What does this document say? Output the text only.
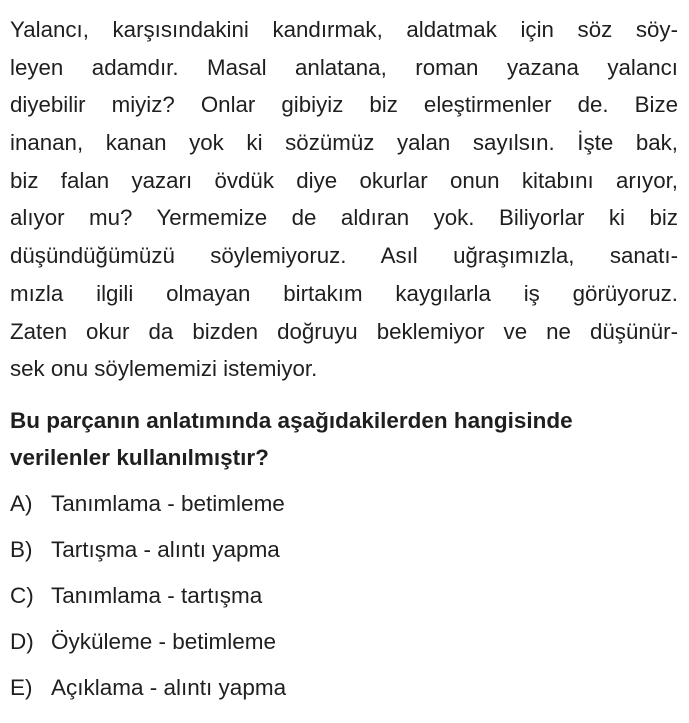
Yalancı, karşısındakini kandırmak, aldatmak için söz söy-
leyen adamdır. Masal anlatana, roman yazana yalancı
diyebilir miyiz? Onlar gibiyiz biz eleştirmenler de. Bize
inanan, kanan yok ki sözümüz yalan sayılsın. İşte bak,
biz falan yazarı övdük diye okurlar onun kitabını arıyor,
alıyor mu? Yermemize de aldıran yok. Biliyorlar ki biz
düşündüğümüzü söylemiyoruz. Asıl uğraşımızla, sanatı-
mızla ilgili olmayan birtakım kaygılarla iş görüyoruz.
Zaten okur da bizden doğruyu beklemiyor ve ne düşünür-
sek onu söylememizi istemiyor.
Bu parçanın anlatımında aşağıdakilerden hangisinde
verilenler kullanılmıştır?
A) Tanımlama - betimleme
B) Tartışma - alıntı yapma
C) Tanımlama - tartışma
D) Öyküleme - betimleme
E) Açıklama - alıntı yapma
